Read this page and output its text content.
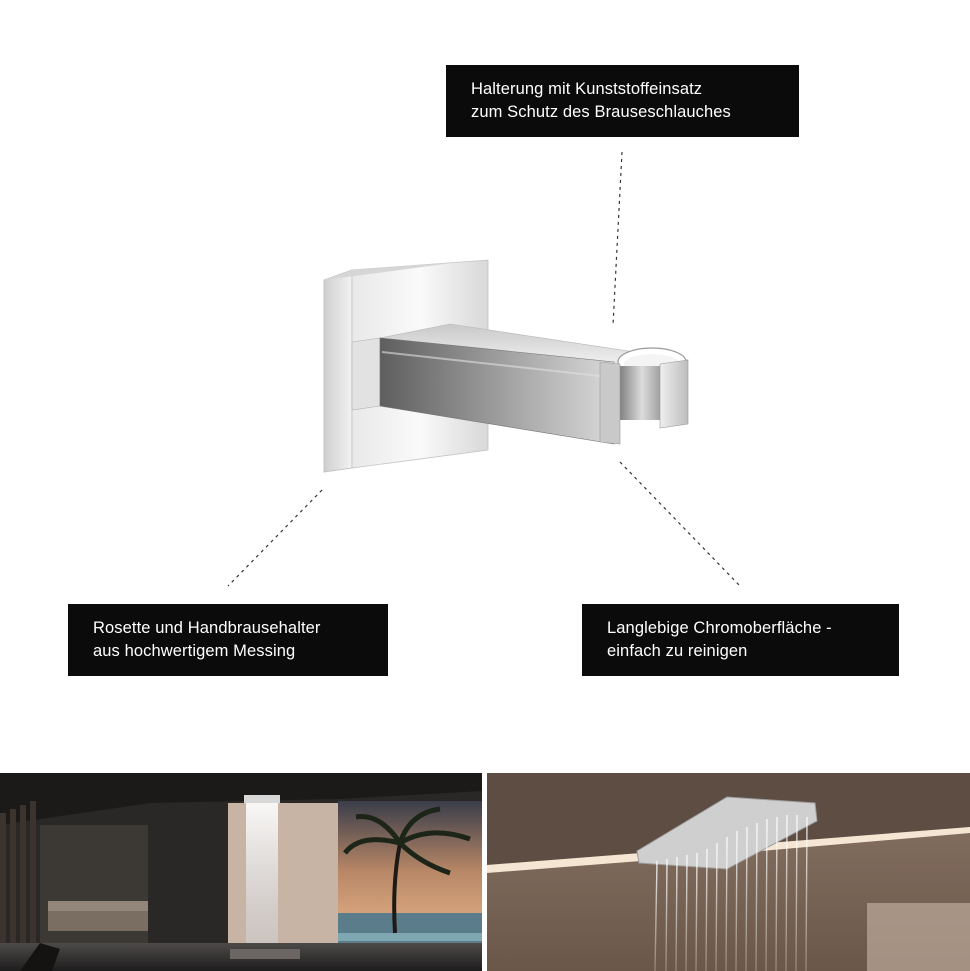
Halterung mit Kunststoffeinsatz
zum Schutz des Brauseschlauches
Rosette und Handbrausehalter
aus hochwertigem Messing
Langlebige Chromoberfläche -
einfach zu reinigen
